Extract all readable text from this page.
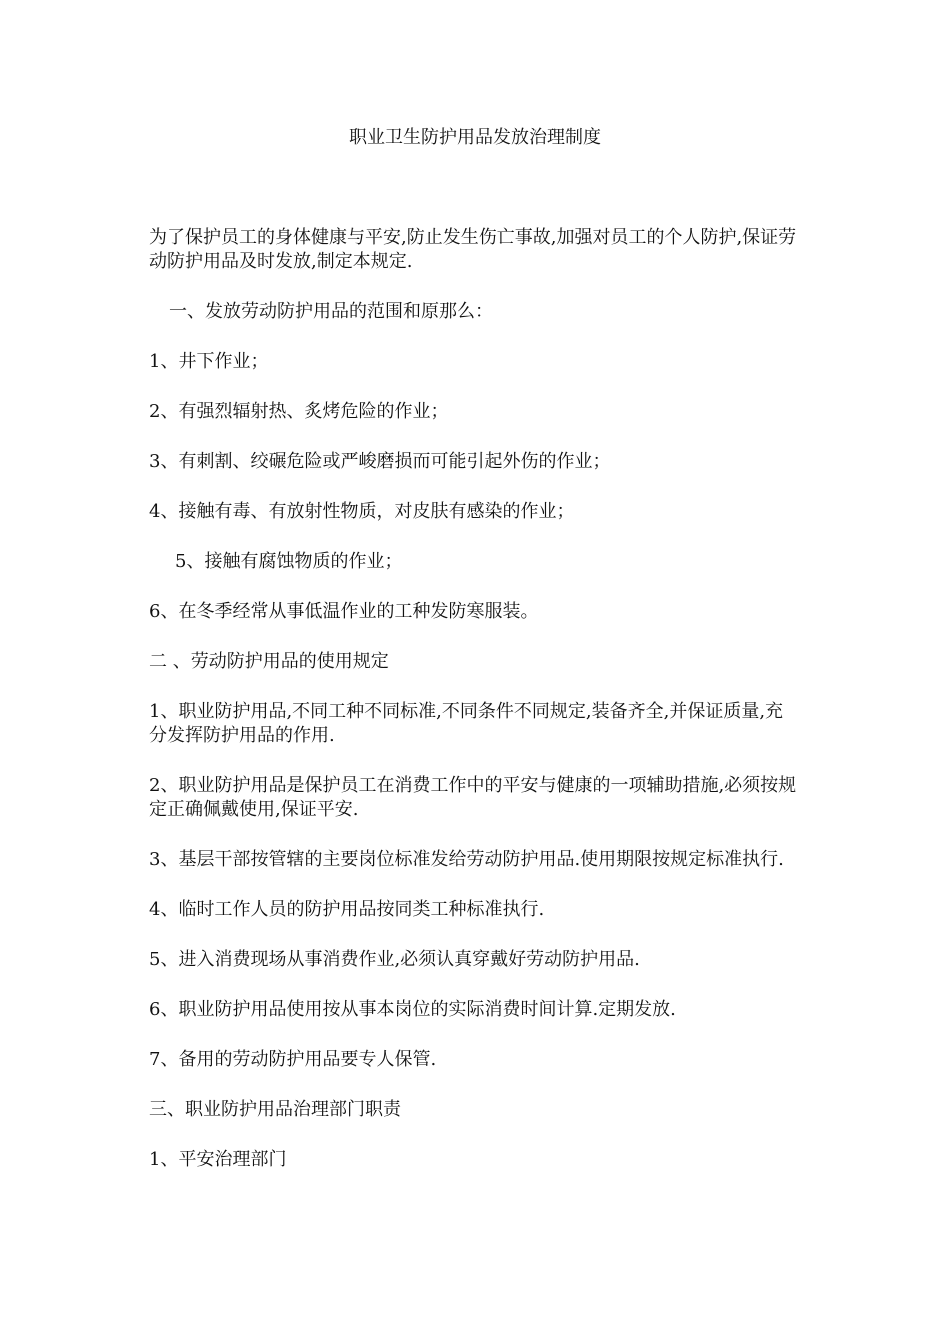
职业卫生防护用品发放治理制度

为了保护员工的身体健康与平安,防止发生伤亡事故,加强对员工的个人防护,保证劳动防护用品及时发放,制定本规定.

一、发放劳动防护用品的范围和原那么：

1、井下作业；

2、有强烈辐射热、炙烤危险的作业；

3、有刺割、绞碾危险或严峻磨损而可能引起外伤的作业；

4、接触有毒、有放射性物质，对皮肤有感染的作业；

5、接触有腐蚀物质的作业；

6、在冬季经常从事低温作业的工种发防寒服装。

二 、劳动防护用品的使用规定

1、职业防护用品,不同工种不同标准,不同条件不同规定,装备齐全,并保证质量,充分发挥防护用品的作用.

2、职业防护用品是保护员工在消费工作中的平安与健康的一项辅助措施,必须按规定正确佩戴使用,保证平安.

3、基层干部按管辖的主要岗位标准发给劳动防护用品.使用期限按规定标准执行.

4、临时工作人员的防护用品按同类工种标准执行.

5、进入消费现场从事消费作业,必须认真穿戴好劳动防护用品.

6、职业防护用品使用按从事本岗位的实际消费时间计算.定期发放.

7、备用的劳动防护用品要专人保管.

三、职业防护用品治理部门职责

1、平安治理部门
